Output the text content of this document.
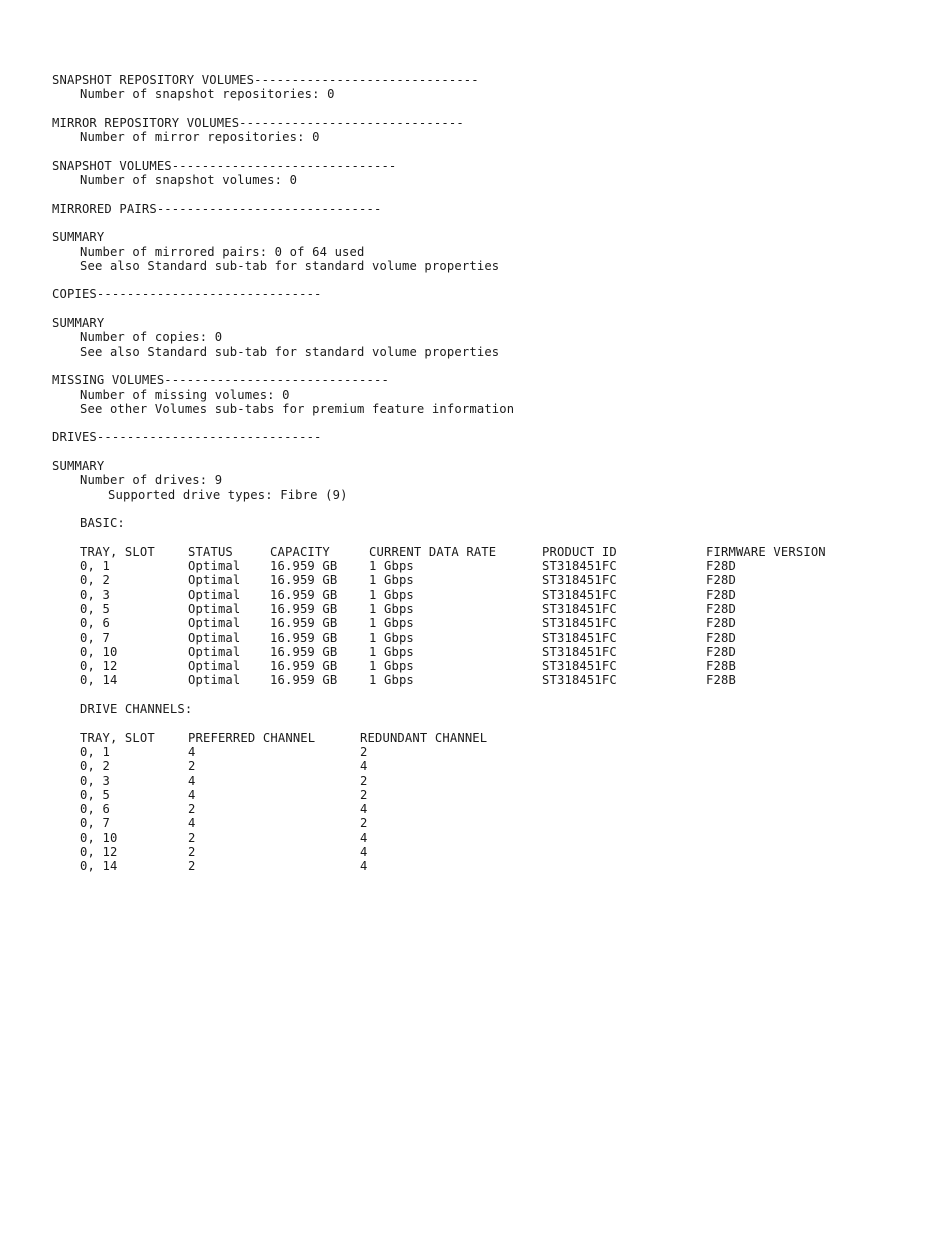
SNAPSHOT REPOSITORY VOLUMES------------------------------
Number of snapshot repositories: 0
MIRROR REPOSITORY VOLUMES------------------------------
Number of mirror repositories: 0
SNAPSHOT VOLUMES------------------------------
Number of snapshot volumes: 0
MIRRORED PAIRS------------------------------
SUMMARY
Number of mirrored pairs: 0 of 64 used
See also Standard sub-tab for standard volume properties
COPIES------------------------------
SUMMARY
Number of copies: 0
See also Standard sub-tab for standard volume properties
MISSING VOLUMES------------------------------
Number of missing volumes: 0
See other Volumes sub-tabs for premium feature information
DRIVES------------------------------
SUMMARY
Number of drives: 9
Supported drive types: Fibre (9)
BASIC:
TRAY, SLOT	STATUS	CAPACITY	CURRENT DATA RATE	PRODUCT ID	FIRMWARE VERSION
0, 1	Optimal	16.959 GB	1 Gbps	ST318451FC	F28D
0, 2	Optimal	16.959 GB	1 Gbps	ST318451FC	F28D
0, 3	Optimal	16.959 GB	1 Gbps	ST318451FC	F28D
0, 5	Optimal	16.959 GB	1 Gbps	ST318451FC	F28D
0, 6	Optimal	16.959 GB	1 Gbps	ST318451FC	F28D
0, 7	Optimal	16.959 GB	1 Gbps	ST318451FC	F28D
0, 10	Optimal	16.959 GB	1 Gbps	ST318451FC	F28D
0, 12	Optimal	16.959 GB	1 Gbps	ST318451FC	F28B
0, 14	Optimal	16.959 GB	1 Gbps	ST318451FC	F28B
DRIVE CHANNELS:
TRAY, SLOT	PREFERRED CHANNEL	REDUNDANT CHANNEL
0, 1	4	2
0, 2	2	4
0, 3	4	2
0, 5	4	2
0, 6	2	4
0, 7	4	2
0, 10	2	4
0, 12	2	4
0, 14	2	4
